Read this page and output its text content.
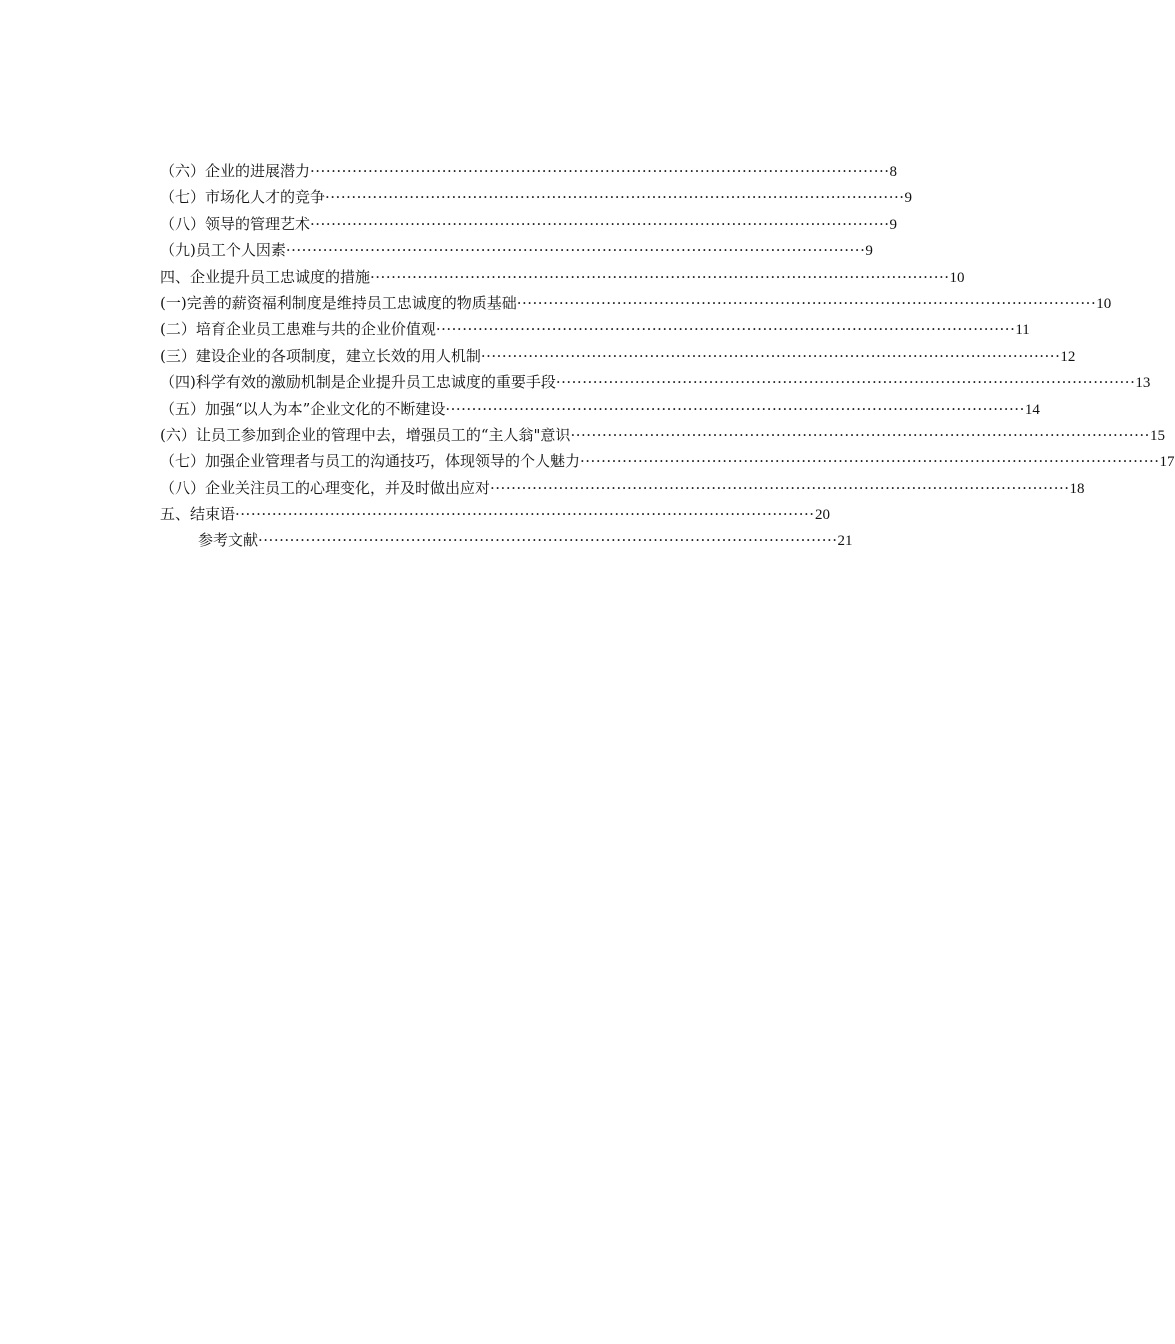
（六）企业的进展潜力 ·············································································································· 8
（七）市场化人才的竞争 ·············································································································· 9
（八）领导的管理艺术 ·············································································································· 9
（九)员工个人因素 ·············································································································· 9
四、企业提升员工忠诚度的措施 ·············································································································· 10
(一)完善的薪资福利制度是维持员工忠诚度的物质基础 ·············································································································· 10
(二）培育企业员工患难与共的企业价值观 ·············································································································· 11
(三）建设企业的各项制度，建立长效的用人机制 ·············································································································· 12
（四)科学有效的激励机制是企业提升员工忠诚度的重要手段 ·············································································································· 13
（五）加强“以人为本”企业文化的不断建设 ·············································································································· 14
(六）让员工参加到企业的管理中去，增强员工的“主人翁"意识 ·············································································································· 15
（七）加强企业管理者与员工的沟通技巧，体现领导的个人魅力 ·············································································································· 17
（八）企业关注员工的心理变化，并及时做出应对 ·············································································································· 18
五、结束语 ·············································································································· 20
参考文献 ·············································································································· 21
